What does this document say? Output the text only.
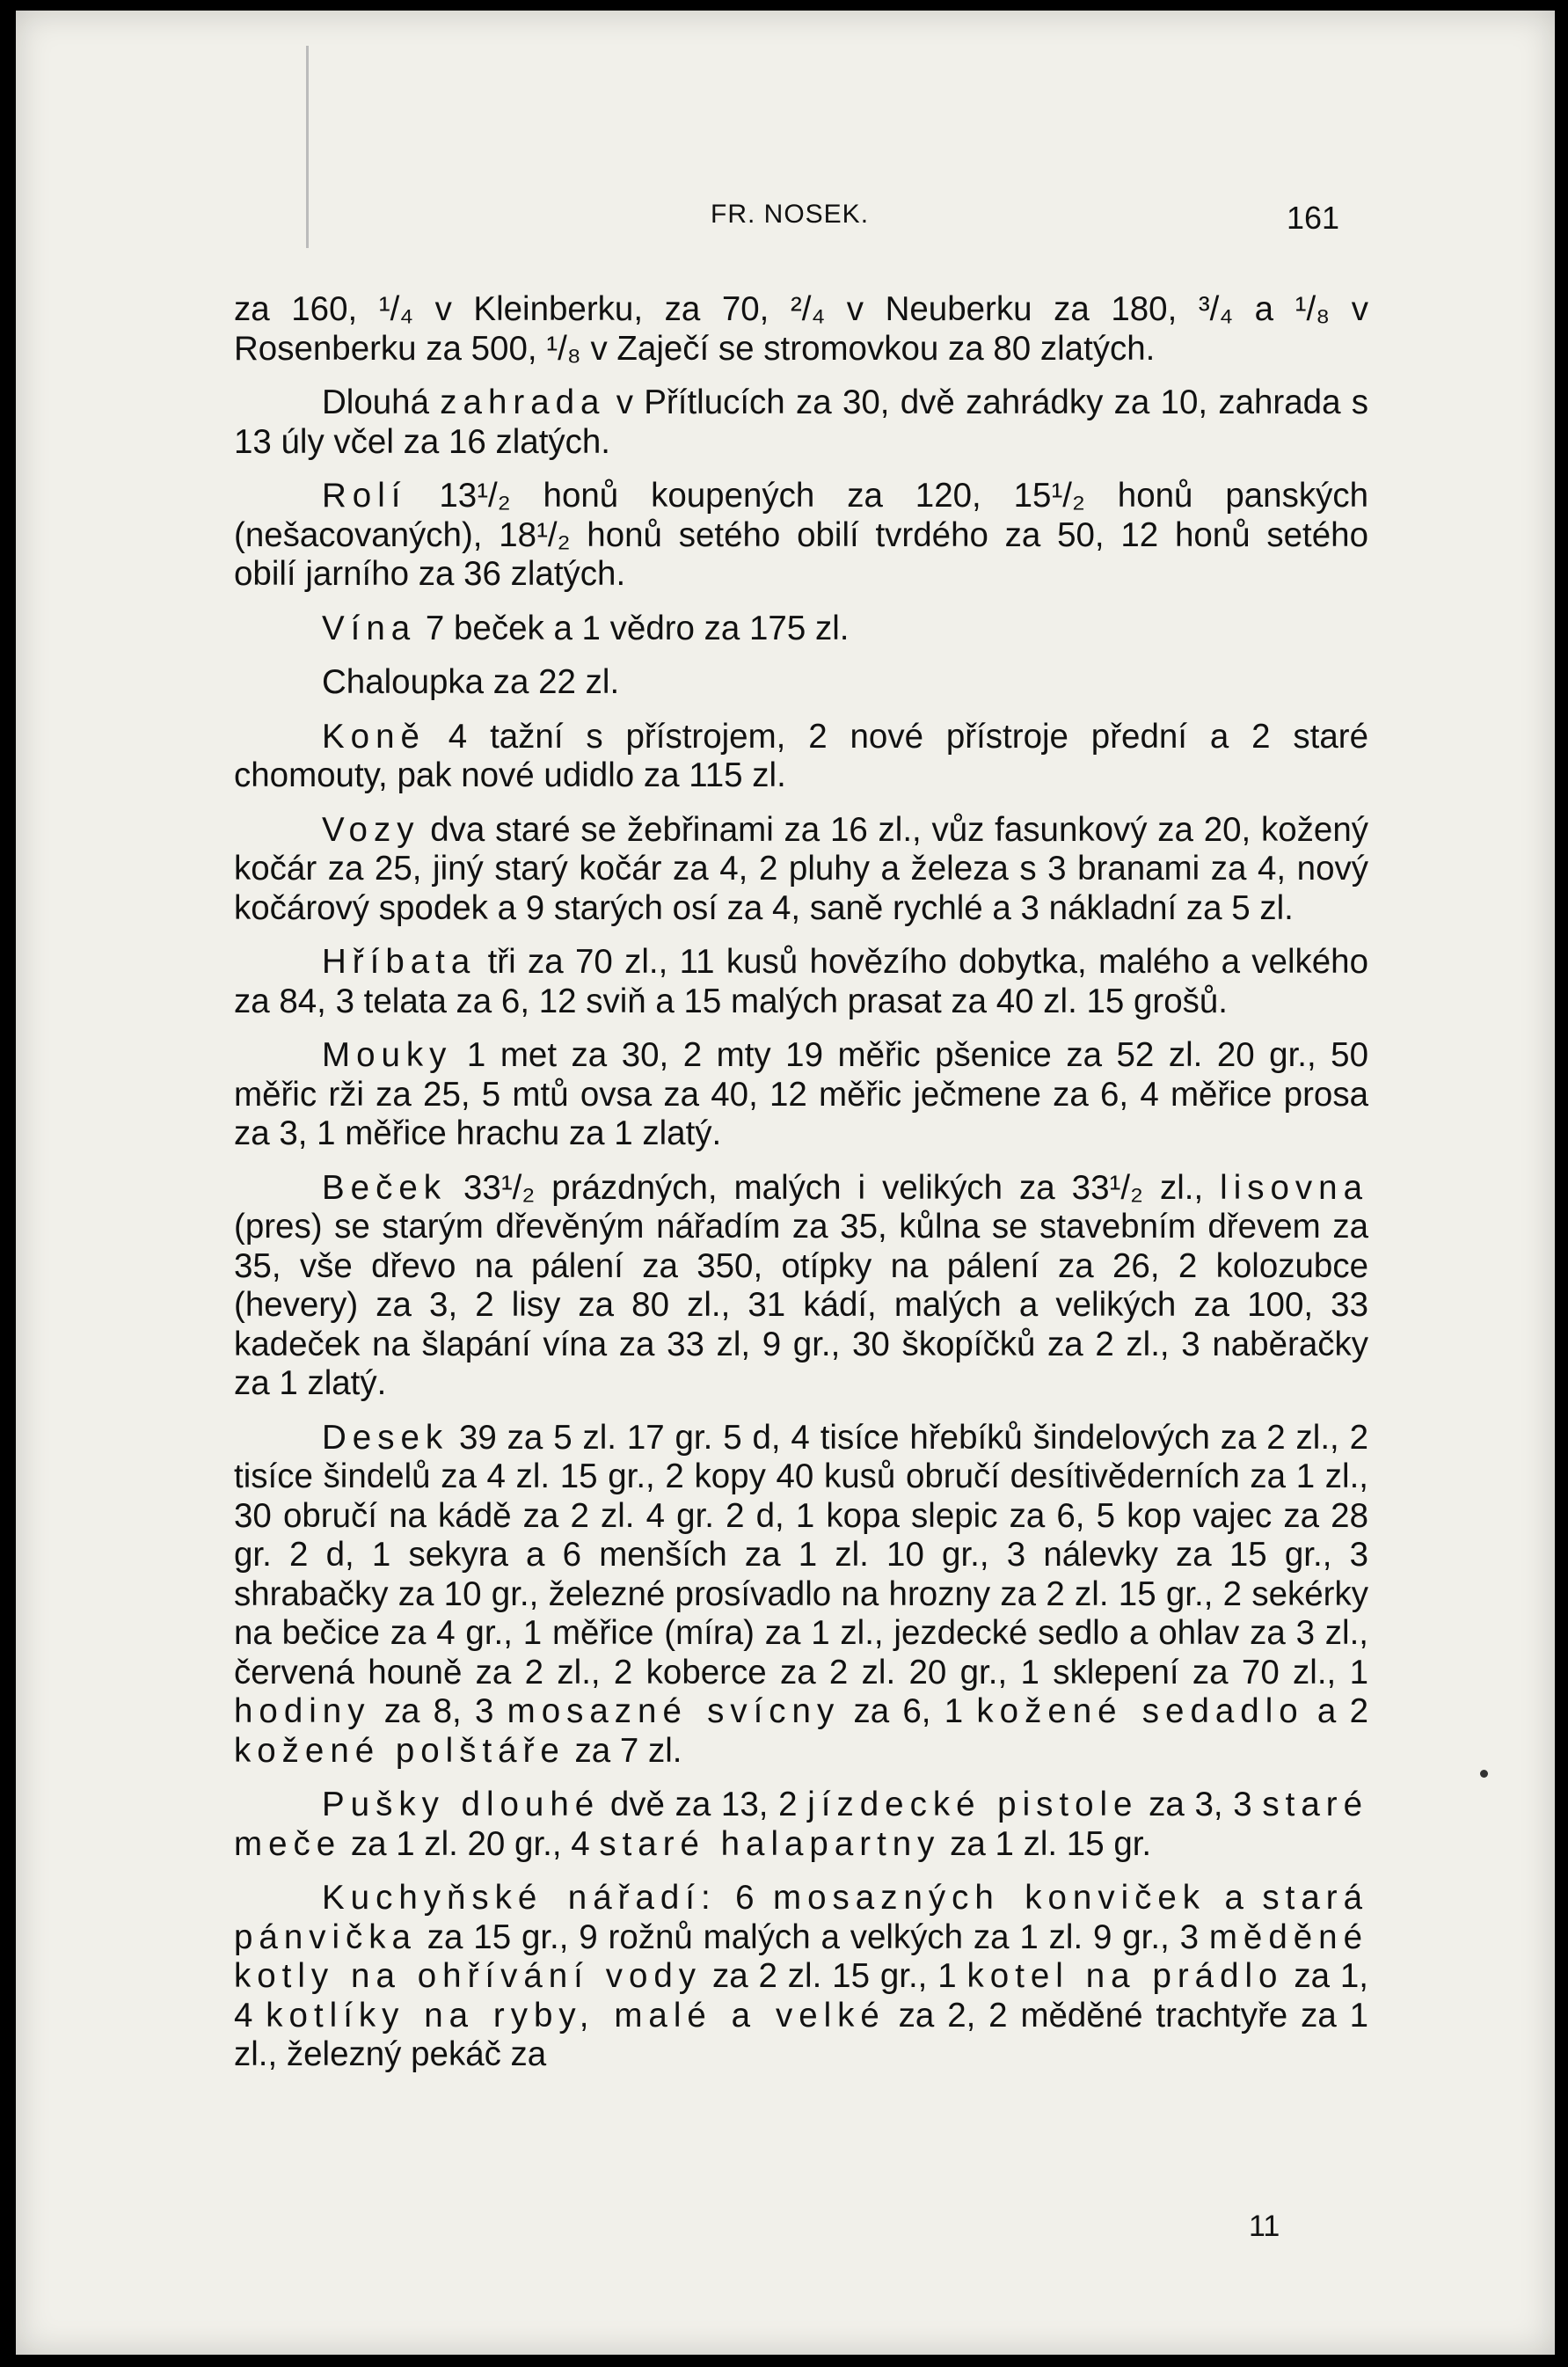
FR. NOSEK.	161

za 160, ¹/₄ v Kleinberku, za 70, ²/₄ v Neuberku za 180, ³/₄ a ¹/₈ v Rosenberku za 500, ¹/₈ v Zaječí se stromovkou za 80 zlatých.

Dlouhá zahrada v Přítlucích za 30, dvě zahrádky za 10, zahrada s 13 úly včel za 16 zlatých.

Rolí 13¹/₂ honů koupených za 120, 15¹/₂ honů panských (nešacovaných), 18¹/₂ honů setého obilí tvrdého za 50, 12 honů setého obilí jarního za 36 zlatých.

Vína 7 beček a 1 vědro za 175 zl.

Chaloupka za 22 zl.

Koně 4 tažní s přístrojem, 2 nové přístroje přední a 2 staré chomouty, pak nové udidlo za 115 zl.

Vozy dva staré se žebřinami za 16 zl., vůz fasunkový za 20, kožený kočár za 25, jiný starý kočár za 4, 2 pluhy a železa s 3 branami za 4, nový kočárový spodek a 9 starých osí za 4, saně rychlé a 3 nákladní za 5 zl.

Hříbata tři za 70 zl., 11 kusů hovězího dobytka, malého a velkého za 84, 3 telata za 6, 12 sviň a 15 malých prasat za 40 zl. 15 grošů.

Mouky 1 met za 30, 2 mty 19 měřic pšenice za 52 zl. 20 gr., 50 měřic rži za 25, 5 mtů ovsa za 40, 12 měřic ječmene za 6, 4 měřice prosa za 3, 1 měřice hrachu za 1 zlatý.

Beček 33¹/₂ prázdných, malých i velikých za 33¹/₂ zl., lisovna (pres) se starým dřevěným nářadím za 35, kůlna se stavebním dřevem za 35, vše dřevo na pálení za 350, otípky na pálení za 26, 2 kolozubce (hevery) za 3, 2 lisy za 80 zl., 31 kádí, malých a velikých za 100, 33 kadeček na šlapání vína za 33 zl, 9 gr., 30 škopíčků za 2 zl., 3 naběračky za 1 zlatý.

Desek 39 za 5 zl. 17 gr. 5 d, 4 tisíce hřebíků šindelových za 2 zl., 2 tisíce šindelů za 4 zl. 15 gr., 2 kopy 40 kusů obručí desítivěderních za 1 zl., 30 obručí na kádě za 2 zl. 4 gr. 2 d, 1 kopa slepic za 6, 5 kop vajec za 28 gr. 2 d, 1 sekyra a 6 menších za 1 zl. 10 gr., 3 nálevky za 15 gr., 3 shrabačky za 10 gr., železné prosívadlo na hrozny za 2 zl. 15 gr., 2 sekérky na bečice za 4 gr., 1 měřice (míra) za 1 zl., jezdecké sedlo a ohlav za 3 zl., červená houně za 2 zl., 2 koberce za 2 zl. 20 gr., 1 sklepení za 70 zl., 1 hodiny za 8, 3 mosazné svícny za 6, 1 kožené sedadlo a 2 kožené polštáře za 7 zl.

Pušky dlouhé dvě za 13, 2 jízdecké pistole za 3, 3 staré meče za 1 zl. 20 gr., 4 staré halapartny za 1 zl. 15 gr.

Kuchyňské nářadí: 6 mosazných konviček a stará pánvička za 15 gr., 9 rožnů malých a velkých za 1 zl. 9 gr., 3 měděné kotly na ohřívání vody za 2 zl. 15 gr., 1 kotel na prádlo za 1, 4 kotlíky na ryby, malé a velké za 2, 2 měděné trachtyře za 1 zl., železný pekáč za

11
